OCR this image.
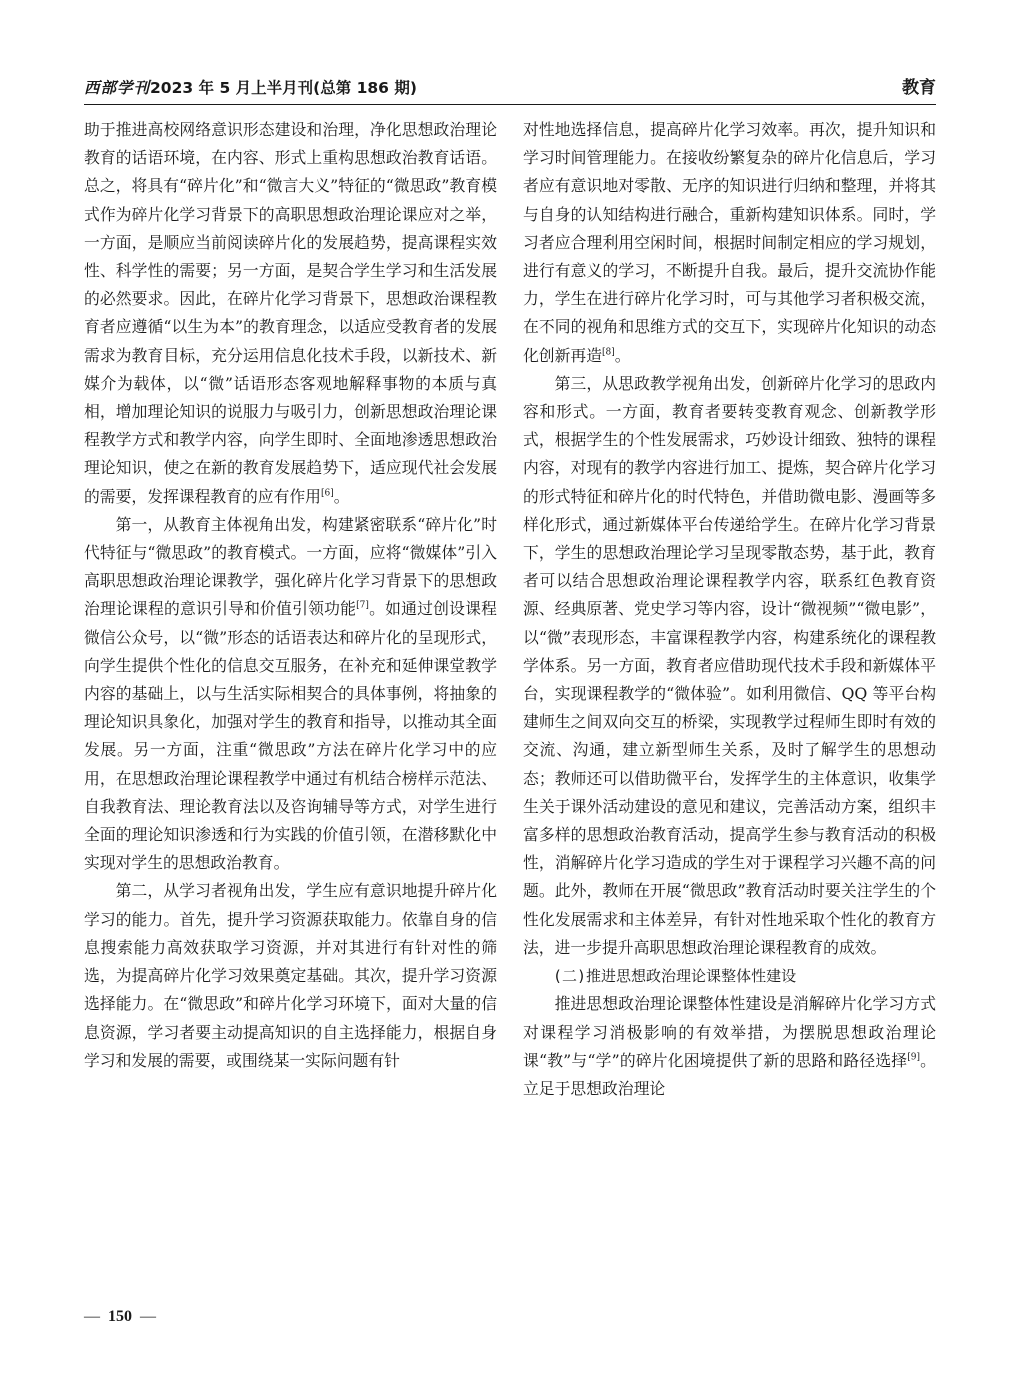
西部学刊2023 年 5 月上半月刊(总第 186 期)	教育

助于推进高校网络意识形态建设和治理，净化思想政治理论教育的话语环境，在内容、形式上重构思想政治教育话语。总之，将具有“碎片化”和“微言大义”特征的“微思政”教育模式作为碎片化学习背景下的高职思想政治理论课应对之举，一方面，是顺应当前阅读碎片化的发展趋势，提高课程实效性、科学性的需要；另一方面，是契合学生学习和生活发展的必然要求。因此，在碎片化学习背景下，思想政治课程教育者应遵循“以生为本”的教育理念，以适应受教育者的发展需求为教育目标，充分运用信息化技术手段，以新技术、新媒介为载体，以“微”话语形态客观地解释事物的本质与真相，增加理论知识的说服力与吸引力，创新思想政治理论课程教学方式和教学内容，向学生即时、全面地渗透思想政治理论知识，使之在新的教育发展趋势下，适应现代社会发展的需要，发挥课程教育的应有作用[6]。

第一，从教育主体视角出发，构建紧密联系“碎片化”时代特征与“微思政”的教育模式。一方面，应将“微媒体”引入高职思想政治理论课教学，强化碎片化学习背景下的思想政治理论课程的意识引导和价值引领功能[7]。如通过创设课程微信公众号，以“微”形态的话语表达和碎片化的呈现形式，向学生提供个性化的信息交互服务，在补充和延伸课堂教学内容的基础上，以与生活实际相契合的具体事例，将抽象的理论知识具象化，加强对学生的教育和指导，以推动其全面发展。另一方面，注重“微思政”方法在碎片化学习中的应用，在思想政治理论课程教学中通过有机结合榜样示范法、自我教育法、理论教育法以及咨询辅导等方式，对学生进行全面的理论知识渗透和行为实践的价值引领，在潜移默化中实现对学生的思想政治教育。

第二，从学习者视角出发，学生应有意识地提升碎片化学习的能力。首先，提升学习资源获取能力。依靠自身的信息搜索能力高效获取学习资源，并对其进行有针对性的筛选，为提高碎片化学习效果奠定基础。其次，提升学习资源选择能力。在“微思政”和碎片化学习环境下，面对大量的信息资源，学习者要主动提高知识的自主选择能力，根据自身学习和发展的需要，或围绕某一实际问题有针

对性地选择信息，提高碎片化学习效率。再次，提升知识和学习时间管理能力。在接收纷繁复杂的碎片化信息后，学习者应有意识地对零散、无序的知识进行归纳和整理，并将其与自身的认知结构进行融合，重新构建知识体系。同时，学习者应合理利用空闲时间，根据时间制定相应的学习规划，进行有意义的学习，不断提升自我。最后，提升交流协作能力，学生在进行碎片化学习时，可与其他学习者积极交流，在不同的视角和思维方式的交互下，实现碎片化知识的动态化创新再造[8]。

第三，从思政教学视角出发，创新碎片化学习的思政内容和形式。一方面，教育者要转变教育观念、创新教学形式，根据学生的个性发展需求，巧妙设计细致、独特的课程内容，对现有的教学内容进行加工、提炼，契合碎片化学习的形式特征和碎片化的时代特色，并借助微电影、漫画等多样化形式，通过新媒体平台传递给学生。在碎片化学习背景下，学生的思想政治理论学习呈现零散态势，基于此，教育者可以结合思想政治理论课程教学内容，联系红色教育资源、经典原著、党史学习等内容，设计“微视频”“微电影”，以“微”表现形态，丰富课程教学内容，构建系统化的课程教学体系。另一方面，教育者应借助现代技术手段和新媒体平台，实现课程教学的“微体验”。如利用微信、QQ 等平台构建师生之间双向交互的桥梁，实现教学过程师生即时有效的交流、沟通，建立新型师生关系，及时了解学生的思想动态；教师还可以借助微平台，发挥学生的主体意识，收集学生关于课外活动建设的意见和建议，完善活动方案，组织丰富多样的思想政治教育活动，提高学生参与教育活动的积极性，消解碎片化学习造成的学生对于课程学习兴趣不高的问题。此外，教师在开展“微思政”教育活动时要关注学生的个性化发展需求和主体差异，有针对性地采取个性化的教育方法，进一步提升高职思想政治理论课程教育的成效。

(二)推进思想政治理论课整体性建设

推进思想政治理论课整体性建设是消解碎片化学习方式对课程学习消极影响的有效举措，为摆脱思想政治理论课“教”与“学”的碎片化困境提供了新的思路和路径选择[9]。立足于思想政治理论

— 150 —
